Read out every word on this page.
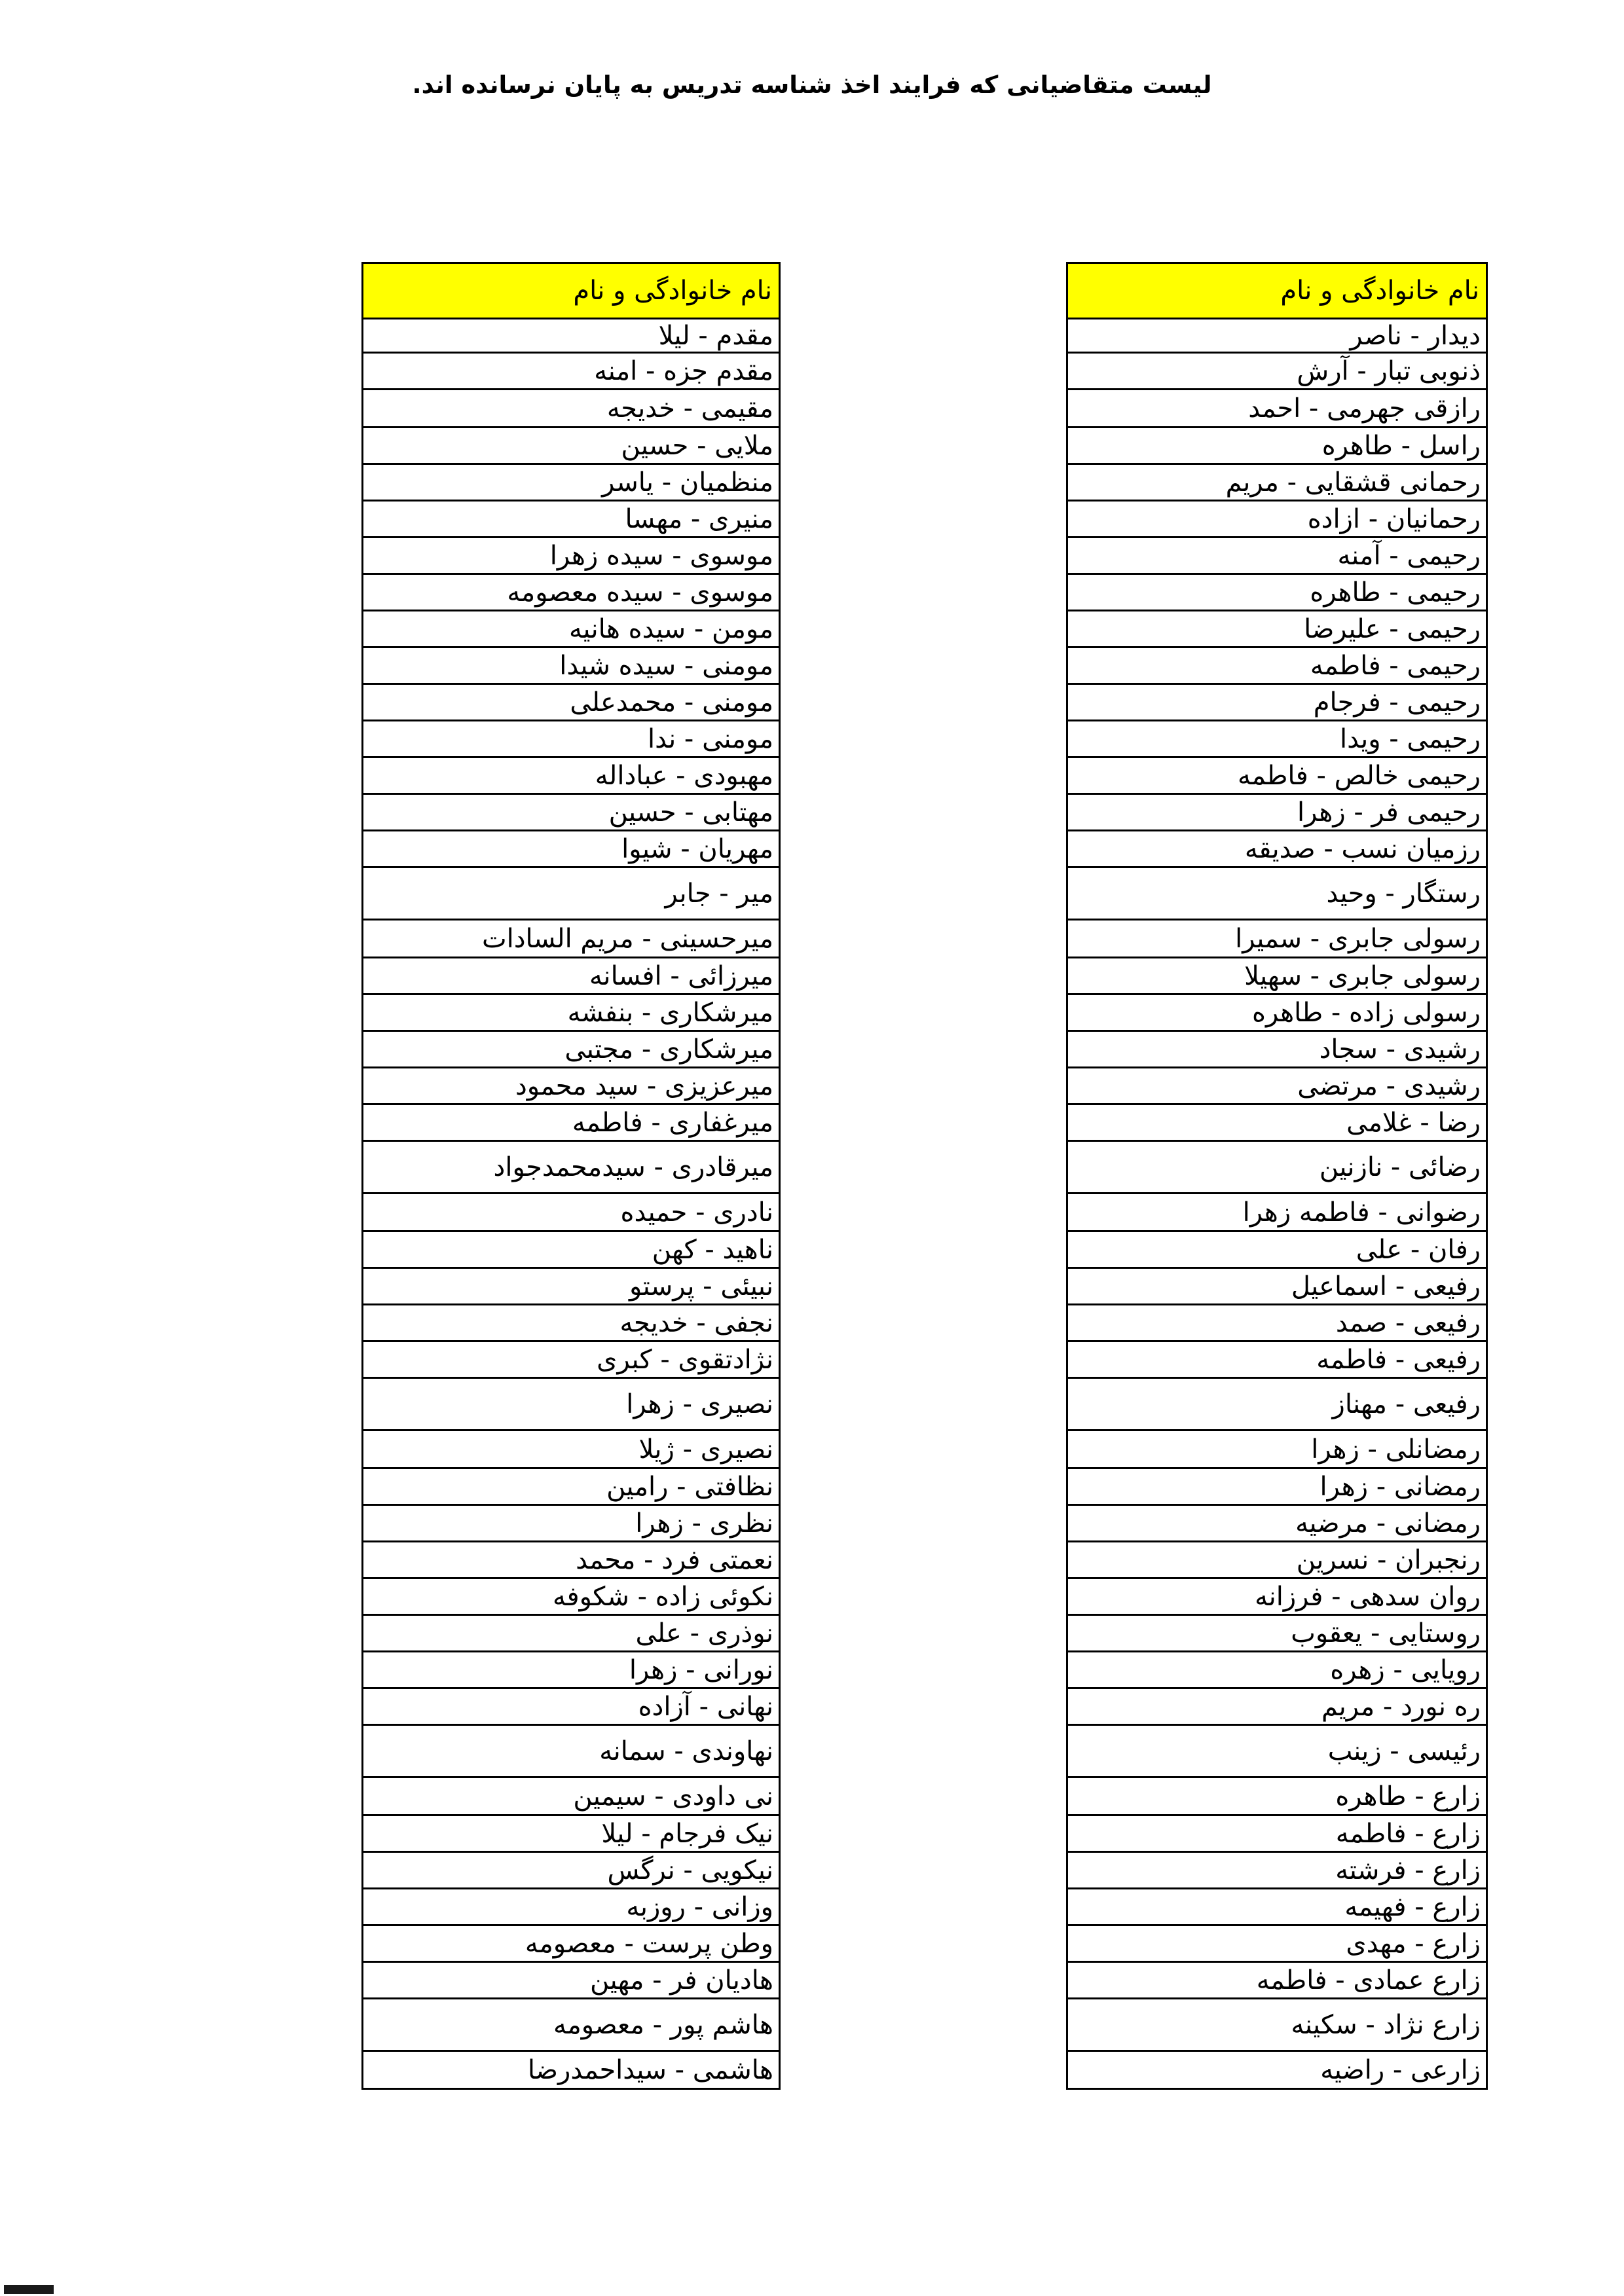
لیست متقاضیانی که فرایند اخذ شناسه تدریس به پایان نرسانده اند.
نام خانوادگی و نام
مقدم - لیلا
مقدم جزه - امنه
مقیمی - خدیجه
ملایی - حسین
منظمیان - یاسر
منیری - مهسا
موسوی - سیده زهرا
موسوی - سیده معصومه
مومن - سیده هانیه
مومنی - سیده شیدا
مومنی - محمدعلی
مومنی - ندا
مهبودی - عباداله
مهتابی - حسین
مهریان - شیوا
میر - جابر
میرحسینی - مریم السادات
میرزائی - افسانه
میرشکاری - بنفشه
میرشکاری - مجتبی
میرعزیزی - سید محمود
میرغفاری - فاطمه
میرقادری - سیدمحمدجواد
نادری - حمیده
ناهید - کهن
نبیئی - پرستو
نجفی - خدیجه
نژادتقوی - کبری
نصیری - زهرا
نصیری - ژیلا
نظافتی - رامین
نظری - زهرا
نعمتی فرد - محمد
نکوئی زاده - شکوفه
نوذری - علی
نورانی - زهرا
نهانی - آزاده
نهاوندی - سمانه
نی داودی - سیمین
نیک فرجام - لیلا
نیکویی - نرگس
وزانی - روزبه
وطن پرست - معصومه
هادیان فر - مهین
هاشم پور - معصومه
هاشمی - سیداحمدرضا
نام خانوادگی و نام
دیدار - ناصر
ذنوبی تبار - آرش
رازقی جهرمی - احمد
راسل - طاهره
رحمانی قشقایی - مریم
رحمانیان - ازاده
رحیمی - آمنه
رحیمی - طاهره
رحیمی - علیرضا
رحیمی - فاطمه
رحیمی - فرجام
رحیمی - ویدا
رحیمی خالص - فاطمه
رحیمی فر - زهرا
رزمیان نسب - صدیقه
رستگار - وحید
رسولی جابری - سمیرا
رسولی جابری - سهیلا
رسولی زاده - طاهره
رشیدی - سجاد
رشیدی - مرتضی
رضا - غلامی
رضائی - نازنین
رضوانی - فاطمه زهرا
رفان - علی
رفیعی - اسماعیل
رفیعی - صمد
رفیعی - فاطمه
رفیعی - مهناز
رمضانلی - زهرا
رمضانی - زهرا
رمضانی - مرضیه
رنجبران - نسرین
روان سدهی - فرزانه
روستایی - یعقوب
رویایی - زهره
ره نورد - مریم
رئیسی - زینب
زارع - طاهره
زارع - فاطمه
زارع - فرشته
زارع - فهیمه
زارع - مهدی
زارع عمادی - فاطمه
زارع نژاد - سکینه
زارعی - راضیه
